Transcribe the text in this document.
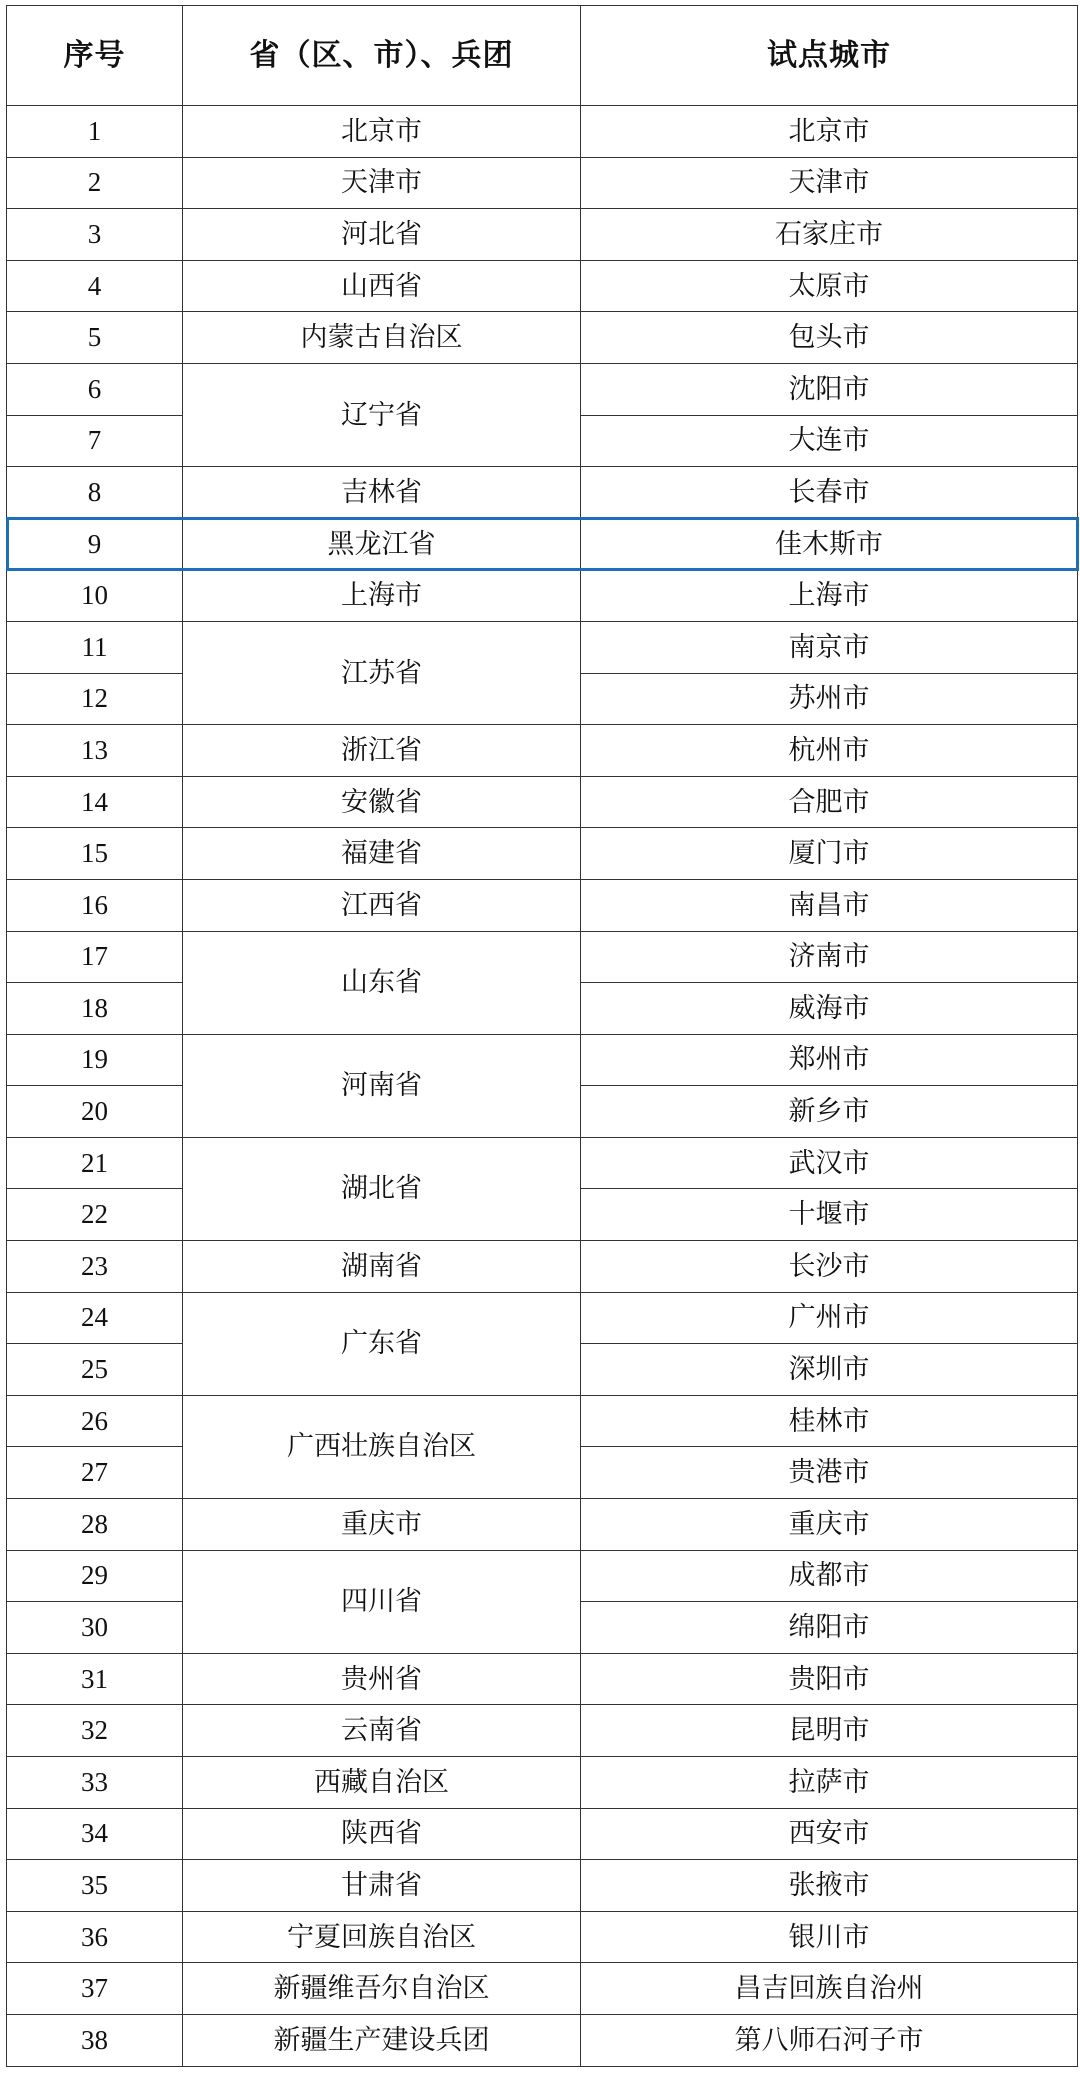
序号	省（区、市）、兵团	试点城市
1	北京市	北京市
2	天津市	天津市
3	河北省	石家庄市
4	山西省	太原市
5	内蒙古自治区	包头市
6	辽宁省	沈阳市
7		大连市
8	吉林省	长春市
9	黑龙江省	佳木斯市
10	上海市	上海市
11	江苏省	南京市
12		苏州市
13	浙江省	杭州市
14	安徽省	合肥市
15	福建省	厦门市
16	江西省	南昌市
17	山东省	济南市
18		威海市
19	河南省	郑州市
20		新乡市
21	湖北省	武汉市
22		十堰市
23	湖南省	长沙市
24	广东省	广州市
25		深圳市
26	广西壮族自治区	桂林市
27		贵港市
28	重庆市	重庆市
29	四川省	成都市
30		绵阳市
31	贵州省	贵阳市
32	云南省	昆明市
33	西藏自治区	拉萨市
34	陕西省	西安市
35	甘肃省	张掖市
36	宁夏回族自治区	银川市
37	新疆维吾尔自治区	昌吉回族自治州
38	新疆生产建设兵团	第八师石河子市
